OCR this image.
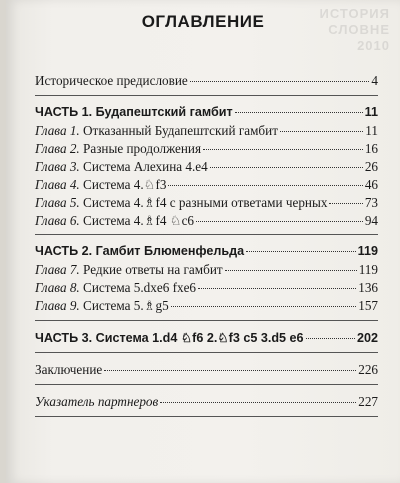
ИСТОРИЯ
СЛОВНЕ
2010
ОГЛАВЛЕНИЕ
Историческое предисловие	4
ЧАСТЬ 1. Будапештский гамбит	11
Глава 1. Отказанный Будапештский гамбит	11
Глава 2. Разные продолжения	16
Глава 3. Система Алехина 4.e4	26
Глава 4. Система 4.♘f3	46
Глава 5. Система 4.♗f4 с разными ответами черных	73
Глава 6. Система 4.♗f4 ♘c6	94
ЧАСТЬ 2. Гамбит Блюменфельда	119
Глава 7. Редкие ответы на гамбит	119
Глава 8. Система 5.dxe6 fxe6	136
Глава 9. Система 5.♗g5	157
ЧАСТЬ 3. Система 1.d4 ♘f6 2.♘f3 c5 3.d5 e6	202
Заключение	226
Указатель партнеров	227
